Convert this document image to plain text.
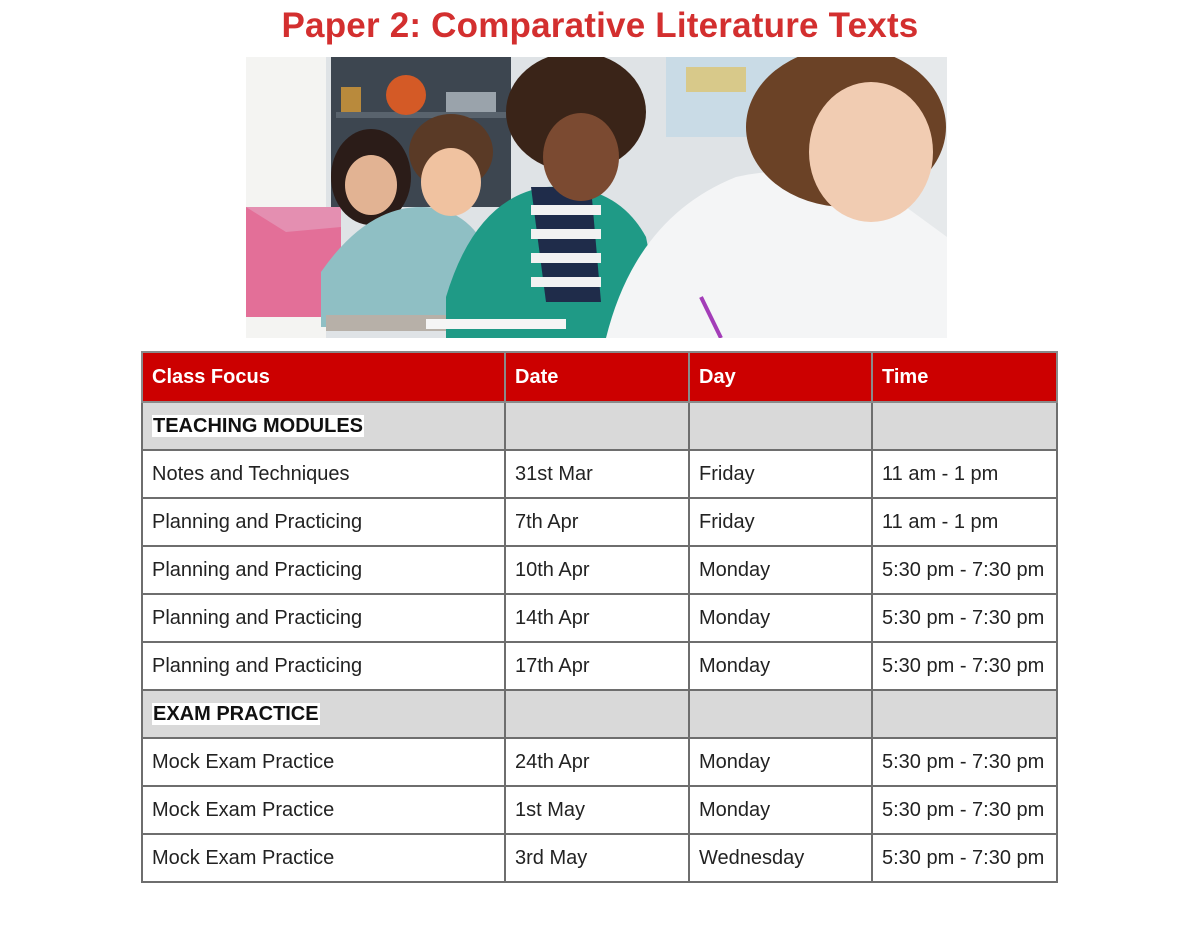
Paper 2: Comparative Literature Texts
Class Focus	Date	Day	Time
TEACHING MODULES			
Notes and Techniques	31st Mar	Friday	11 am - 1 pm
Planning and Practicing	7th Apr	Friday	11 am - 1 pm
Planning and Practicing	10th Apr	Monday	5:30 pm - 7:30 pm
Planning and Practicing	14th Apr	Monday	5:30 pm - 7:30 pm
Planning and Practicing	17th Apr	Monday	5:30 pm - 7:30 pm
EXAM PRACTICE			
Mock Exam Practice	24th Apr	Monday	5:30 pm - 7:30 pm
Mock Exam Practice	1st May	Monday	5:30 pm - 7:30 pm
Mock Exam Practice	3rd May	Wednesday	5:30 pm - 7:30 pm
